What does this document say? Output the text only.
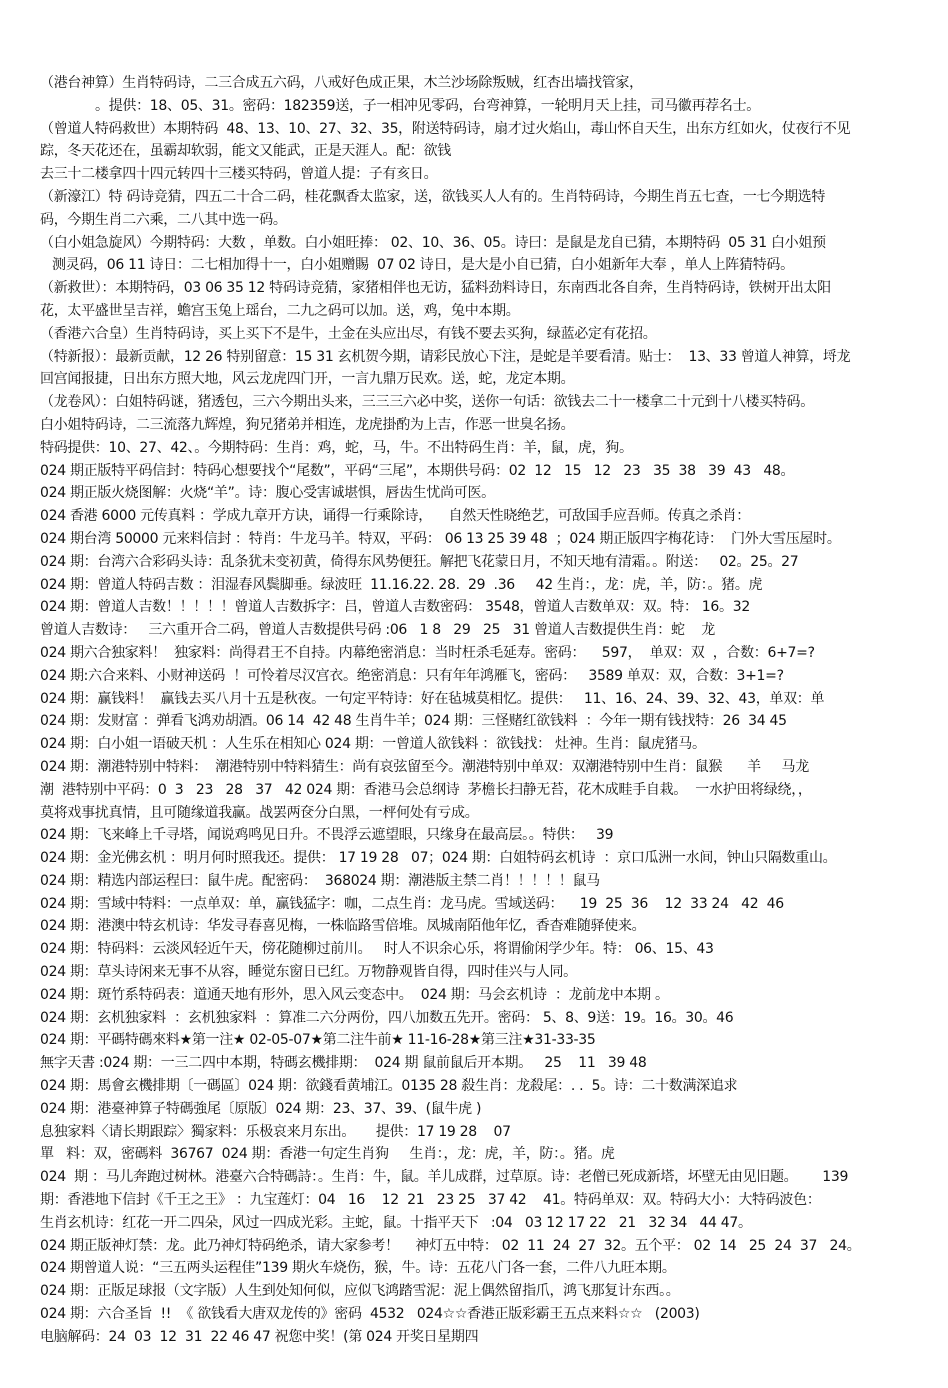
（港台神算）生肖特码诗，二三合成五六码，八戒好色成正果，木兰沙场除叛贼，红杏出墙找管家，
。提供：18、05、31。密码：182359送，子一相冲见零码，台弯神算，一轮明月天上挂，司马徽再荐名士。
（曾道人特码救世）本期特码  48、13、10、27、32、35，附送特码诗，扇才过火焰山，毒山怀自天生，出东方红如火，仗夜行不见
踪，冬天花还在，虽霸却软弱，能文又能武，正是天涯人。配：欲钱
去三十二楼拿四十四元转四十三楼买特码，曾道人提：子有亥日。
（新濠江）特 码诗竞猜，四五二十合二码，桂花飘香太监家，送，欲钱买人人有的。生肖特码诗，今期生肖五七查，一七今期选特
码，今期生肖二六乘，二八其中选一码。
（白小姐急旋风）今期特码：大数 ，单数。白小姐旺捧： 02、10、36、05。诗曰：是鼠是龙自已猜，本期特码  05 31 白小姐预
测灵码，06 11 诗日：二七相加得十一，白小姐赠賜  07 02 诗日，是大是小自已猜，白小姐新年大奉 ，单人上阵猜特码。
（新救世）：本期特码，03 06 35 12 特码诗竞猜，家猪相伴也无访，猛料劲料诗日，东南西北各自奔，生肖特码诗，铁树开出太阳
花，太平盛世呈吉祥，蟾宫玉兔上瑶台，二九之码可以加。送，鸡，兔中本期。
（香港六合皇）生肖特码诗，买上买下不是牛，土金在头应出尽，有钱不要去买狗，绿蓝必定有花招。
（特新报）：最新贡献，12 26 特别留意：15 31 玄机贺今期，请彩民放心下注，是蛇是羊要看清。贴士：  13、33 曾道人神算，埒龙
回宫闻报捷，日出东方照大地，风云龙虎四门开，一言九鼎万民欢。送，蛇，龙定本期。
（龙卷风）：白姐特码谜，猪透包，三六今期出头来，三三三六必中奖，送你一句话：欲钱去二十一楼拿二十元到十八楼买特码。
白小姐特码诗，二三流落九辉煌，狗兄猪弟并相连，龙虎掛酌为上吉，作恶一世臭名扬。
特码提供：10、27、42、。今期特码：生肖：鸡，蛇，马，牛。不出特码生肖：羊，鼠，虎，狗。
024 期正版特平码信封：特码心想要找个“尾数”，平码“三尾”，本期供号码：02  12   15   12   23   35  38   39  43   48。
024 期正版火烧图解：火烧“羊”。诗：腹心受害诚堪惧，唇齿生忧尚可医。
024 香港 6000 元传真料 ：学成九章开方诀，诵得一行乘除诗，    自然天性晓绝艺，可敌国手应吾师。传真之杀肖：
024 期台湾 50000 元来料信封 ：特肖：牛龙马羊。特双，平码： 06 13 25 39 48  ；024 期正版四字梅花诗：  门外大雪压屋时。
024 期：台湾六合彩码头诗：乱条犹未变初黄，倚得东风势便狂。解把飞花蒙日月，不知天地有清霜。。附送：   02。25。27
024 期：曾道人特码吉数 ：泪湿春风鬓脚垂。绿波旺  11.16.22. 28.  29  .36     42 生肖：，龙：虎，羊，防：。猪。虎
024 期：曾道人吉数！！！！！曾道人吉数拆字：吕，曾道人吉数密码： 3548，曾道人吉数单双：双。特： 16。32
曾道人吉数诗：   三六重开合二码，曾道人吉数提供号码 :06   1 8   29   25   31 曾道人吉数提供生肖：蛇    龙
024 期六合独家料！  独家料：尚得君王不自持。内幕绝密消息：当时枉杀毛延寿。密码：    597，  单双：双  ，合数：6+7=?
024 期:六合来料、小财神送码  ！可怜着尽汉宫衣。绝密消息：只有年年鸿雁飞，密码：   3589 单双：双，合数：3+1=?
024 期：赢钱料！  赢钱去买八月十五是秋夜。一句定平特诗：好在毡城莫相忆。提供：   11、16、24、39、32、43，单双：单
024 期：发财富 ：弹看飞鸿劝胡酒。06 14  42 48 生肖牛羊；024 期：三怪赌红欲钱料  ：今年一期有钱找特：26  34 45
024 期：白小姐一语破天机 ：人生乐在相知心 024 期：一曾道人欲钱料 ：欲钱找： 灶神。生肖：鼠虎猪马。
024 期：潮港特别中特料：  潮港特别中特料猜生：尚有哀弦留至今。潮港特别中单双：双潮港特别中生肖：鼠猴      羊     马龙
潮  港特别中平码：0  3   23   28   37   42 024 期：香港马会总纲诗  茅檐长扫静无苔，花木成畦手自栽。  一水护田将绿绕，，
莫将戏事扰真情，且可随缘道我赢。战罢两奁分白黑，一枰何处有亏成。
024 期：飞来峰上千寻塔，闻说鸡鸣见日升。不畏浮云遮望眼，只缘身在最高层。。特供：   39
024 期：金光佛玄机 ：明月何时照我还。提供： 17 19 28   07；024 期：白姐特码玄机诗  ：京口瓜洲一水间，钟山只隔数重山。
024 期：精选内部运程曰：鼠牛虎。配密码：  368024 期：潮港版主禁二肖！！！！！鼠马
024 期：雪域中特料：一点单双：单，赢钱猛字：咖，二点生肖：龙马虎。雪域送码：    19  25  36    12  33 24   42  46
024 期：港澳中特玄机诗：华发寻春喜见梅，一株临路雪倍堆。凤城南陌他年忆，香杳难随驿使来。
024 期：特码料：云淡风轻近午天，傍花随柳过前川。   时人不识余心乐，将谓偷闲学少年。特： 06、15、43
024 期：草头诗闲来无事不从容，睡觉东窗日已红。万物静观皆自得，四时佳兴与人同。
024 期：斑竹系特码表：道通天地有形外，思入风云变态中。  024 期：马会玄机诗  ：龙前龙中本期 。
024 期：玄机独家料  ：玄机独家料  ：算准二六分两份，四八加数五先开。密码： 5、8、9送：19。16。30。46
024 期：平碼特碼來料★第一注★ 02-05-07★第二注牛前★ 11-16-28★第三注★31-33-35
無字天書 :024 期：一三二四中本期，特碼玄機排期：  024 期 鼠前鼠后开本期。   25    11   39 48
024 期：馬會玄機排期〔一碼區〕024 期：欲錢看黄埔江。0135 28 殺生肖：龙殺尾：. .  5。诗：二十数满深追求
024 期：港臺神算子特碼強尾〔原版〕024 期：23、37、39、(鼠牛虎 )
息独家料〈请长期跟踪〉獨家料：乐极哀来月东出。     提供：17 19 28    07
單   料：双，密碼料  36767  024 期：香港一句定生肖狗     生肖：，龙：虎，羊，防：。猪。虎
024  期 ：马儿奔跑过树林。港臺六合特碼詩：。生肖：牛，鼠。羊儿成群，过草原。诗：老僧已死成新塔，坏壁无由见旧题。      139
期：香港地下信封《千王之王》 ：九宝莲灯：04   16    12  21   23 25   37 42    41。特码单双：双。特码大小：大特码波色：
生肖玄机诗：红花一开二四朵，风过一四成光彩。主蛇，鼠。十指平天下   :04   03 12 17 22   21   32 34   44 47。
024 期正版神灯禁：龙。此乃神灯特码绝杀，请大家参考！    神灯五中特： 02  11  24  27  32。五个平： 02  14   25  24  37   24。
024 期曾道人说：“三五两头运程佳”139 期火车烧伤，猴，牛。诗：五花八门各一套，二件八九旺本期。
024 期：正版足球报（文字版）人生到处知何似，应似飞鸿踏雪泥：泥上偶然留指爪，鸿飞那复计东西。。
024 期：六合圣旨  !!  《 欲钱看大唐双龙传的》密码  4532   024☆☆香港正版彩霸王五点来料☆☆   (2003)
电脑解码：24  03  12  31  22 46 47 祝您中奖！(第 024 开奖日星期四
